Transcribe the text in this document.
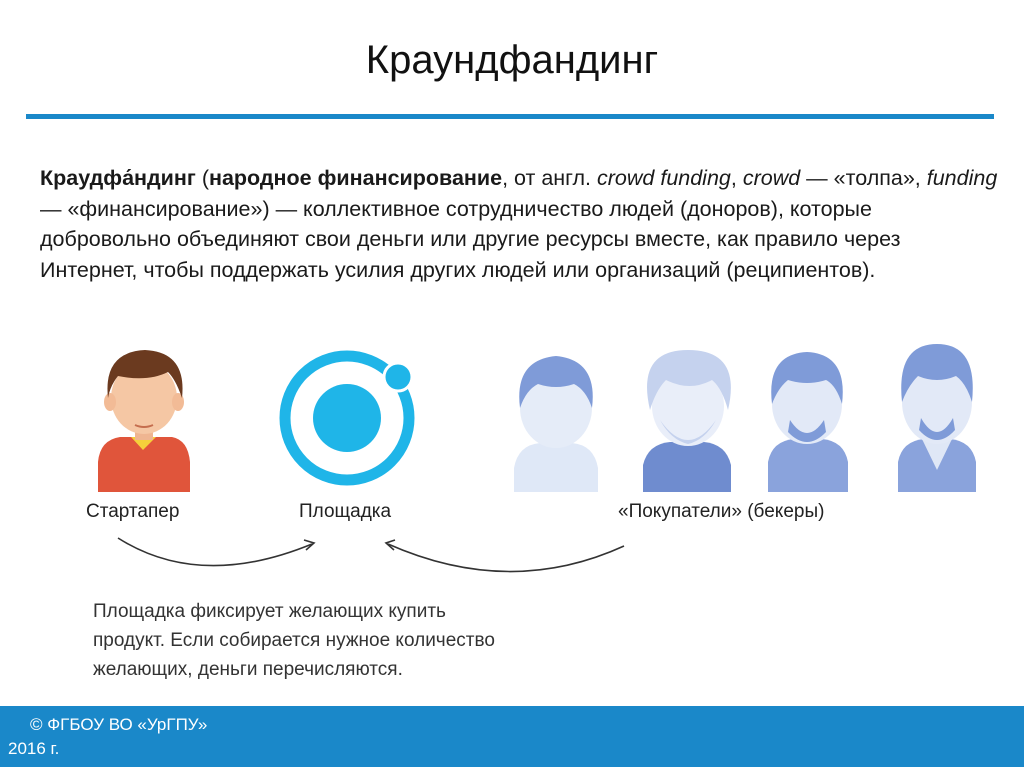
Краундфандинг
Краудфа́ндинг (народное финансирование, от англ. crowd funding, crowd — «толпа», funding — «финансирование») — коллективное сотрудничество людей (доноров), которые добровольно объединяют свои деньги или другие ресурсы вместе, как правило через Интернет, чтобы поддержать усилия других людей или организаций (реципиентов).
Стартапер	Площадка	«Покупатели» (бекеры)
Площадка фиксирует желающих купить
продукт. Если собирается нужное количество
желающих, деньги перечисляются.
© ФГБОУ ВО «УрГПУ»
2016 г.
